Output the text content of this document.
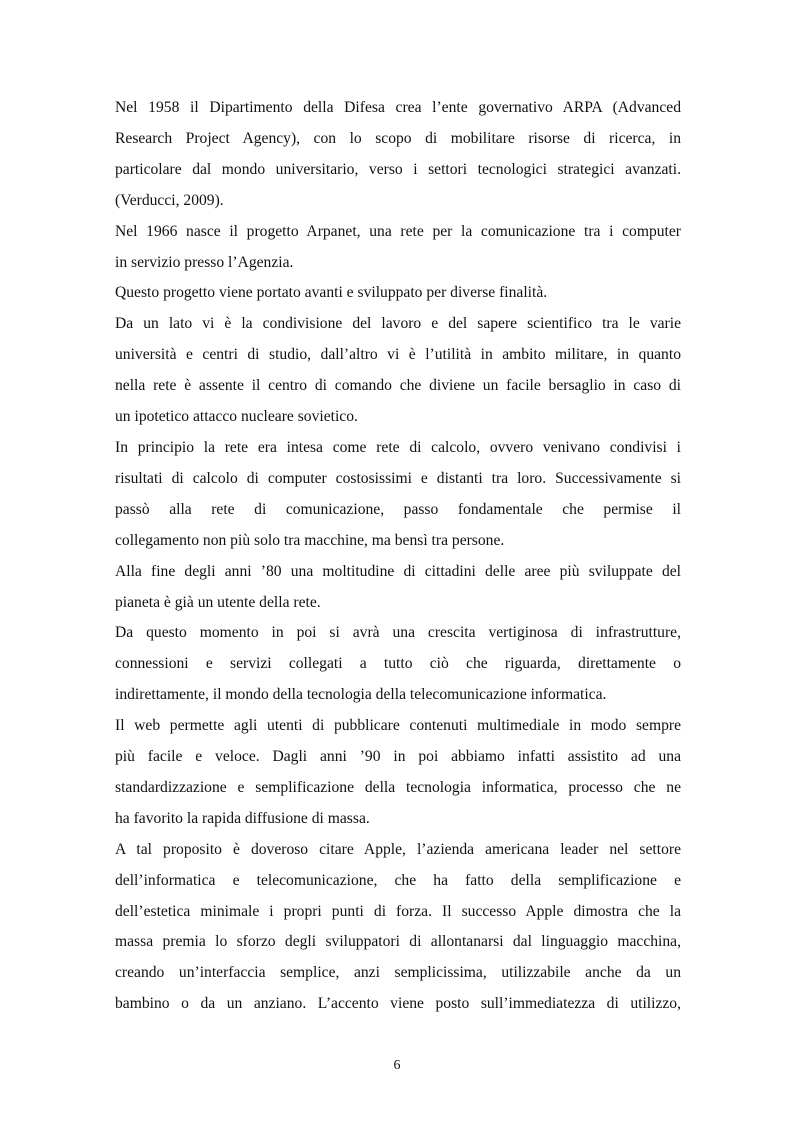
Nel 1958 il Dipartimento della Difesa crea l’ente governativo ARPA (Advanced
Research Project Agency), con lo scopo di mobilitare risorse di ricerca, in
particolare dal mondo universitario, verso i settori tecnologici strategici avanzati.
(Verducci, 2009).

Nel 1966 nasce il progetto Arpanet, una rete per la comunicazione tra i computer
in servizio presso l’Agenzia.

Questo progetto viene portato avanti e sviluppato per diverse finalità.

Da un lato vi è la condivisione del lavoro e del sapere scientifico tra le varie
università e centri di studio, dall’altro vi è l’utilità in ambito militare, in quanto
nella rete è assente il centro di comando che diviene un facile bersaglio in caso di
un ipotetico attacco nucleare sovietico.

In principio la rete era intesa come rete di calcolo, ovvero venivano condivisi i
risultati di calcolo di computer costosissimi e distanti tra loro. Successivamente si
passò alla rete di comunicazione, passo fondamentale che permise il
collegamento non più solo tra macchine, ma bensì tra persone.

Alla fine degli anni ’80 una moltitudine di cittadini delle aree più sviluppate del
pianeta è già un utente della rete.

Da questo momento in poi si avrà una crescita vertiginosa di infrastrutture,
connessioni e servizi collegati a tutto ciò che riguarda, direttamente o
indirettamente, il mondo della tecnologia della telecomunicazione informatica.

Il web permette agli utenti di pubblicare contenuti multimediale in modo sempre
più facile e veloce. Dagli anni ’90 in poi abbiamo infatti assistito ad una
standardizzazione e semplificazione della tecnologia informatica, processo che ne
ha favorito la rapida diffusione di massa.

A tal proposito è doveroso citare Apple, l’azienda americana leader nel settore
dell’informatica e telecomunicazione, che ha fatto della semplificazione e
dell’estetica minimale i propri punti di forza. Il successo Apple dimostra che la
massa premia lo sforzo degli sviluppatori di allontanarsi dal linguaggio macchina,
creando un’interfaccia semplice, anzi semplicissima, utilizzabile anche da un
bambino o da un anziano. L’accento viene posto sull’immediatezza di utilizzo,

6
